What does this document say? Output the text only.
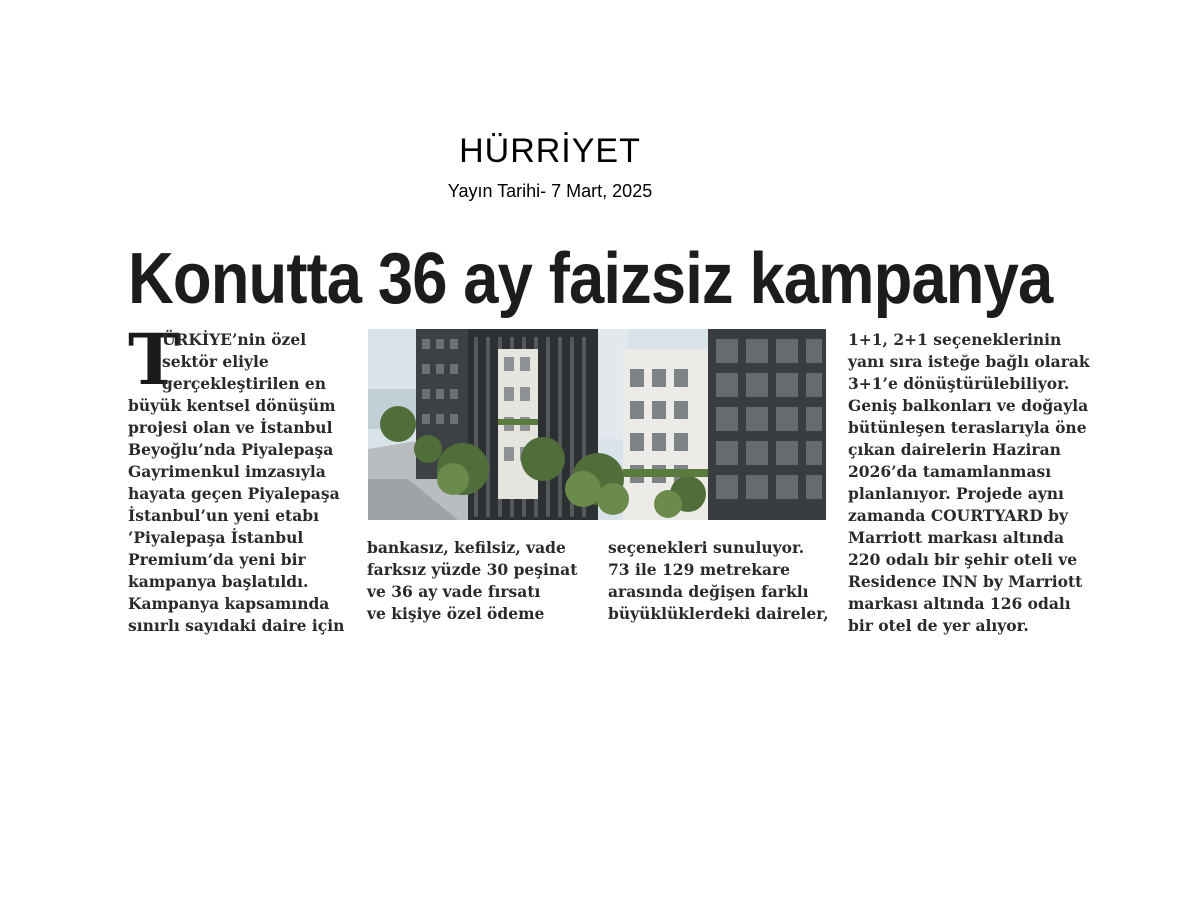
HÜRRİYET
Yayın Tarihi- 7 Mart, 2025
Konutta 36 ay faizsiz kampanya
T

ÜRKİYE’nin özel

sektör eliyle

gerçekleştirilen en

büyük kentsel dönüşüm

projesi olan ve İstanbul

Beyoğlu’nda Piyalepaşa

Gayrimenkul imzasıyla

hayata geçen Piyalepaşa

İstanbul’un yeni etabı

‘Piyalepaşa İstanbul

Premium’da yeni bir

kampanya başlatıldı.

Kampanya kapsamında

sınırlı sayıdaki daire için

bankasız, kefilsiz, vade

farksız yüzde 30 peşinat

ve 36 ay vade fırsatı

ve kişiye özel ödeme

seçenekleri sunuluyor.

73 ile 129 metrekare

arasında değişen farklı

büyüklüklerdeki daireler,

1+1, 2+1 seçeneklerinin

yanı sıra isteğe bağlı olarak

3+1’e dönüştürülebiliyor.

Geniş balkonları ve doğayla

bütünleşen teraslarıyla öne

çıkan dairelerin Haziran

2026’da tamamlanması

planlanıyor. Projede aynı

zamanda COURTYARD by

Marriott markası altında

220 odalı bir şehir oteli ve

Residence INN by Marriott

markası altında 126 odalı

bir otel de yer alıyor.
